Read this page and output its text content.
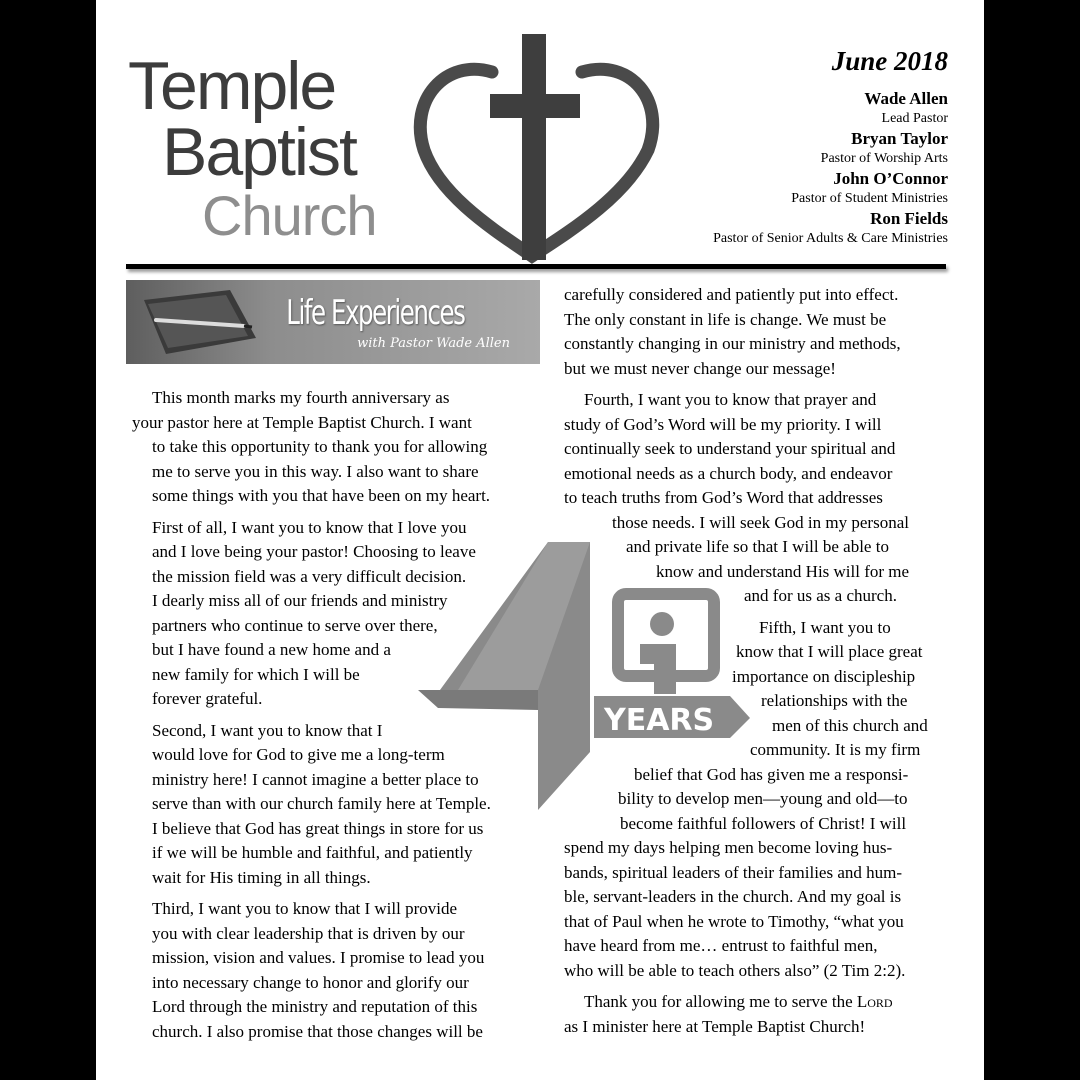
Temple
Baptist
Church
June 2018
Wade Allen
Lead Pastor
Bryan Taylor
Pastor of Worship Arts
John O’Connor
Pastor of Student Ministries
Ron Fields
Pastor of Senior Adults & Care Ministries
Life Experiences
with Pastor Wade Allen
YEARS

This month marks my fourth anniversary as
your pastor here at Temple Baptist Church. I want
to take this opportunity to thank you for allowing
me to serve you in this way. I also want to share
some things with you that have been on my heart.

First of all, I want you to know that I love you
and I love being your pastor! Choosing to leave
the mission field was a very difficult decision.
I dearly miss all of our friends and ministry
partners who continue to serve over there,
but I have found a new home and a
new family for which I will be
forever grateful.

Second, I want you to know that I
would love for God to give me a long-term
ministry here! I cannot imagine a better place to
serve than with our church family here at Temple.
I believe that God has great things in store for us
if we will be humble and faithful, and patiently
wait for His timing in all things.

Third, I want you to know that I will provide
you with clear leadership that is driven by our
mission, vision and values. I promise to lead you
into necessary change to honor and glorify our
Lord through the ministry and reputation of this
church. I also promise that those changes will be

carefully considered and patiently put into effect.
The only constant in life is change. We must be
constantly changing in our ministry and methods,
but we must never change our message!

Fourth, I want you to know that prayer and
study of God’s Word will be my priority. I will
continually seek to understand your spiritual and
emotional needs as a church body, and endeavor
to teach truths from God’s Word that addresses
those needs. I will seek God in my personal
and private life so that I will be able to
know and understand His will for me
and for us as a church.

Fifth, I want you to
know that I will place great
importance on discipleship
relationships with the
men of this church and
community. It is my firm
belief that God has given me a responsi-
bility to develop men—young and old—to
become faithful followers of Christ! I will
spend my days helping men become loving hus-
bands, spiritual leaders of their families and hum-
ble, servant-leaders in the church. And my goal is
that of Paul when he wrote to Timothy, “what you
have heard from me… entrust to faithful men,
who will be able to teach others also” (2 Tim 2:2).

Thank you for allowing me to serve the Lord
as I minister here at Temple Baptist Church!
